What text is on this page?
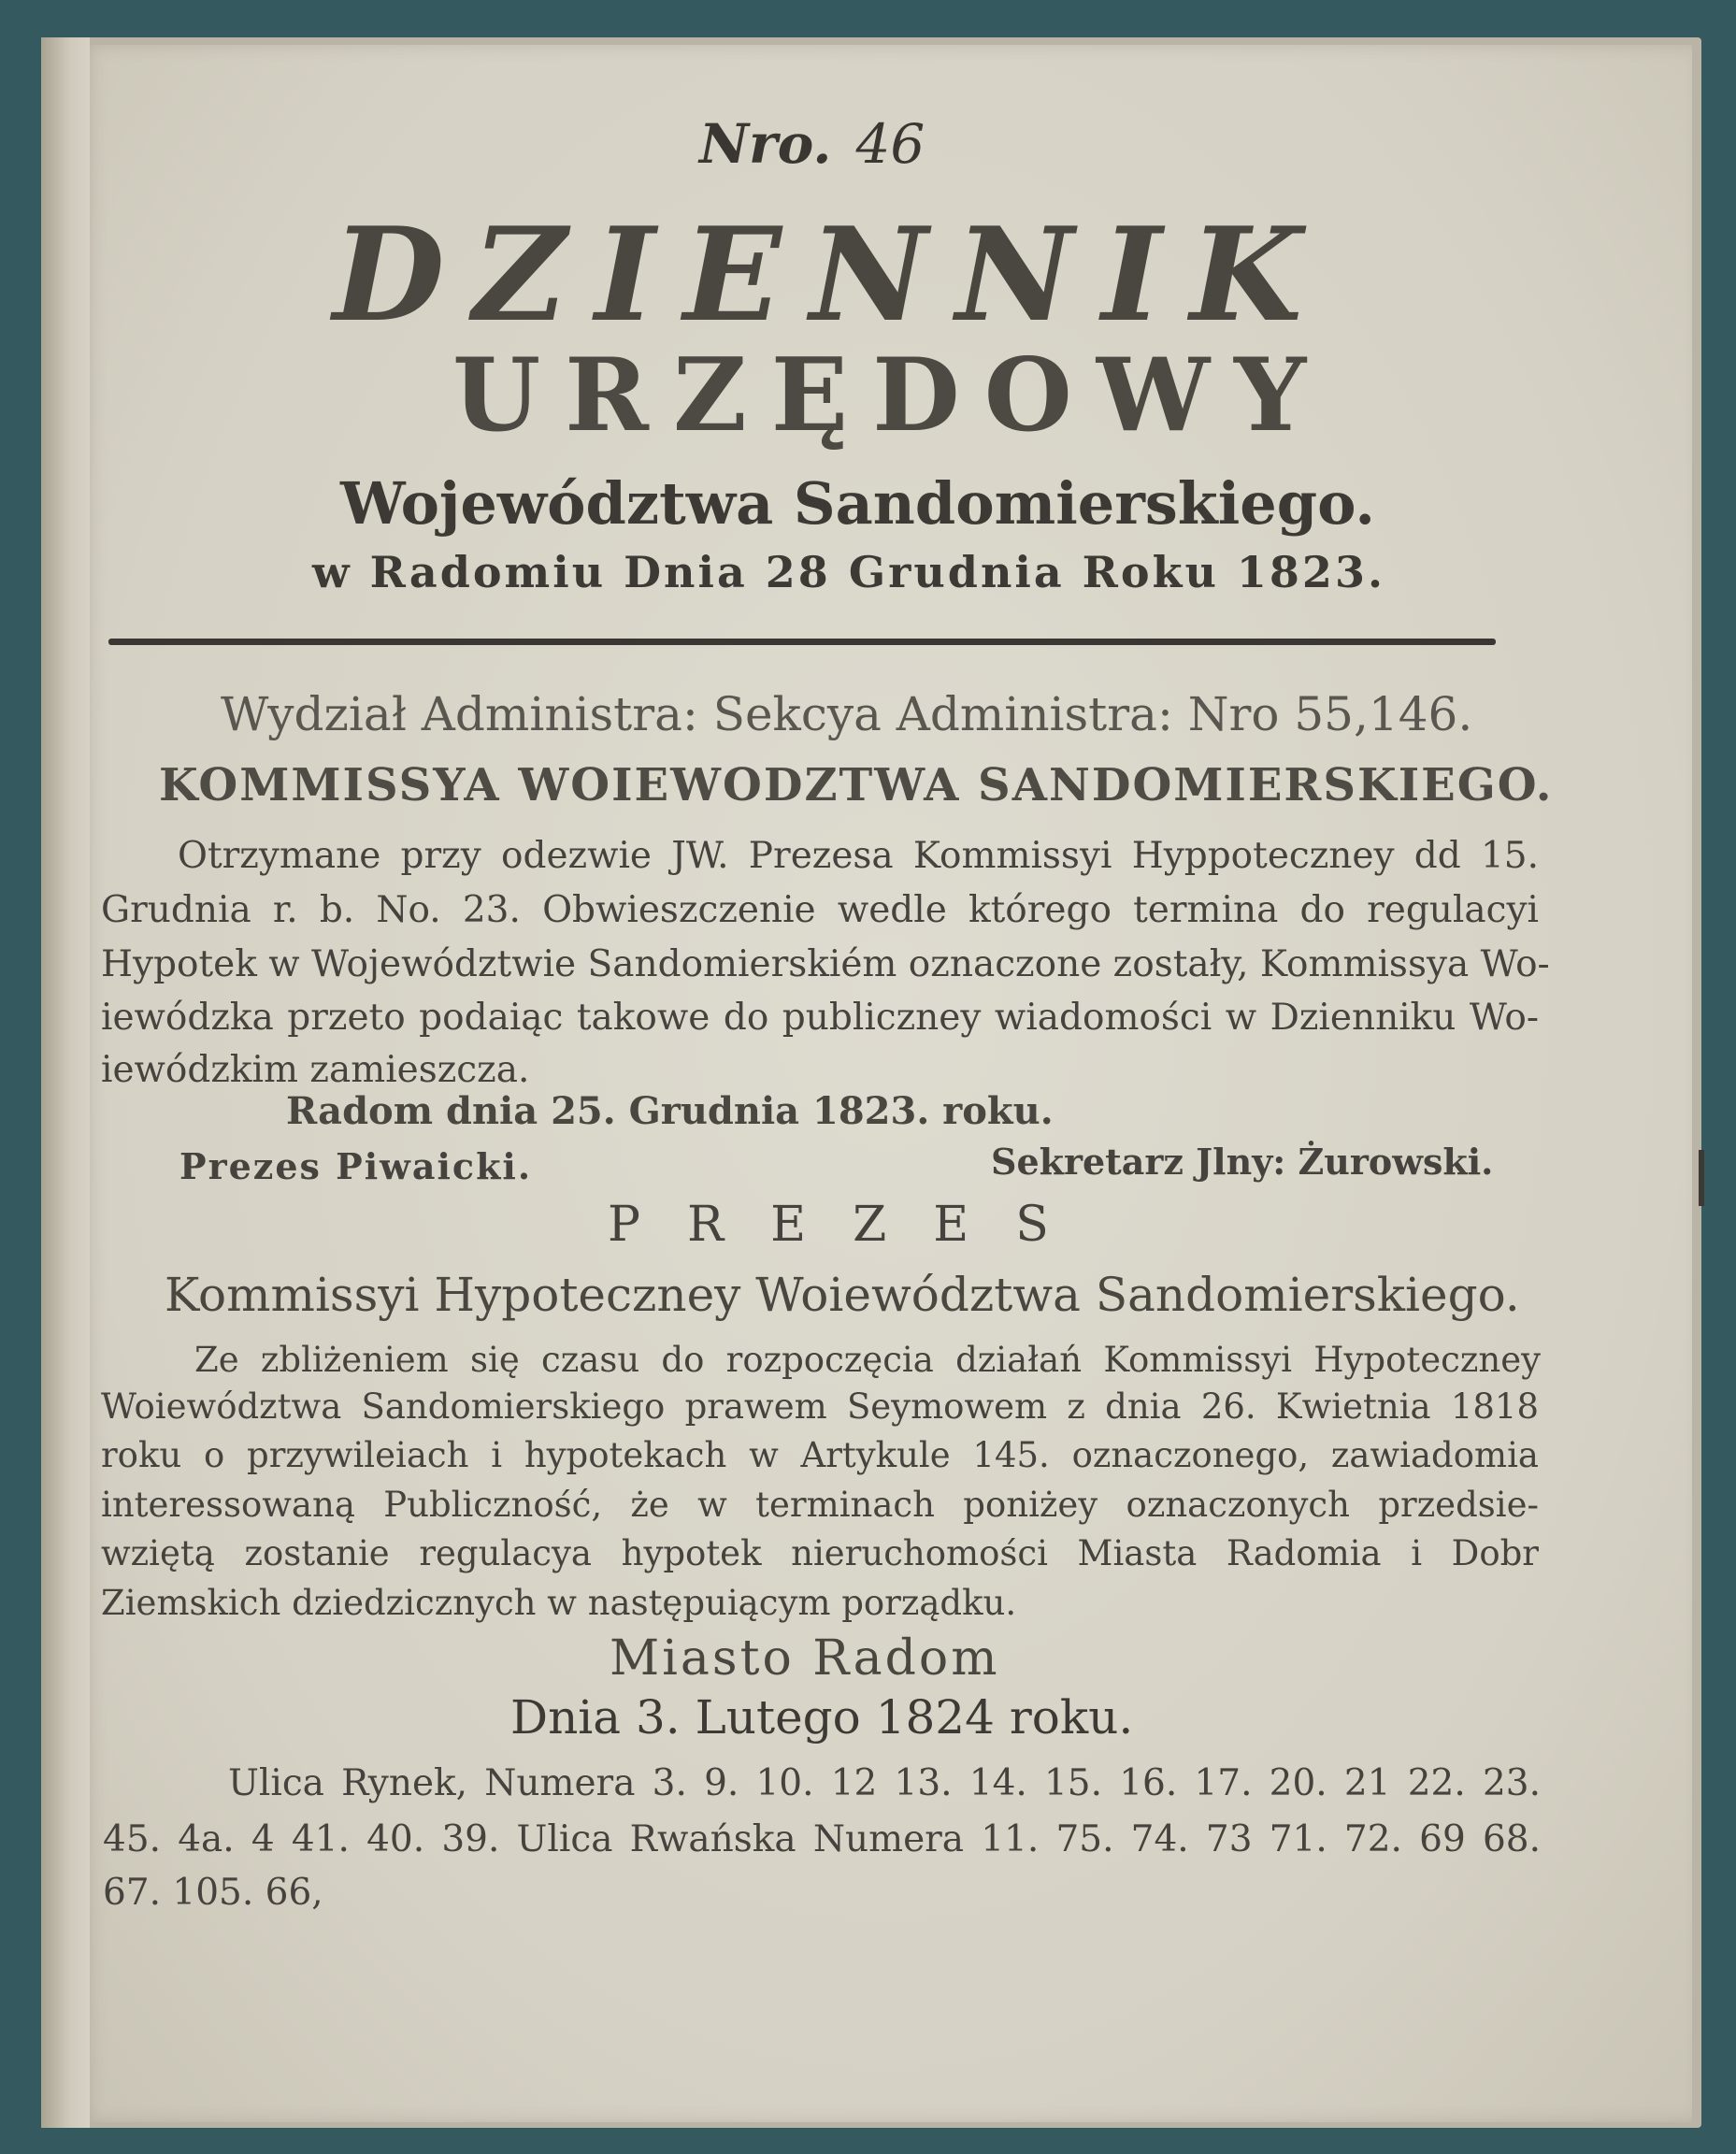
Nro. 46
DZIENNIK
URZĘDOWY
Województwa Sandomierskiego.
w Radomiu Dnia 28 Grudnia Roku 1823.
Wydział Administra: Sekcya Administra: Nro 55,146.
KOMMISSYA WOIEWODZTWA SANDOMIERSKIEGO.
Otrzymane przy odezwie JW. Prezesa Kommissyi Hyppoteczney dd 15.
Grudnia r. b. No. 23. Obwieszczenie wedle którego termina do regulacyi
Hypotek w Województwie Sandomierskiém oznaczone zostały, Kommissya Wo-
iewódzka przeto podaiąc takowe do publiczney wiadomości w Dzienniku Wo-
iewódzkim zamieszcza.
Radom dnia 25. Grudnia 1823. roku.
Prezes Piwaicki.	Sekretarz Jlny: Żurowski.
PREZES
Kommissyi Hypoteczney Woiewództwa Sandomierskiego.
Ze zbliżeniem się czasu do rozpoczęcia działań Kommissyi Hypoteczney
Woiewództwa Sandomierskiego prawem Seymowem z dnia 26. Kwietnia 1818
roku o przywileiach i hypotekach w Artykule 145. oznaczonego, zawiadomia
interessowaną Publiczność, że w terminach poniżey oznaczonych przedsie-
wziętą zostanie regulacya hypotek nieruchomości Miasta Radomia i Dobr
Ziemskich dziedzicznych w następuiącym porządku.
Miasto Radom
Dnia 3. Lutego 1824 roku.
Ulica Rynek, Numera 3. 9. 10. 12 13. 14. 15. 16. 17. 20. 21 22. 23.
45. 4a. 4 41. 40. 39. Ulica Rwańska Numera 11. 75. 74. 73 71. 72. 69 68.
67. 105. 66,
